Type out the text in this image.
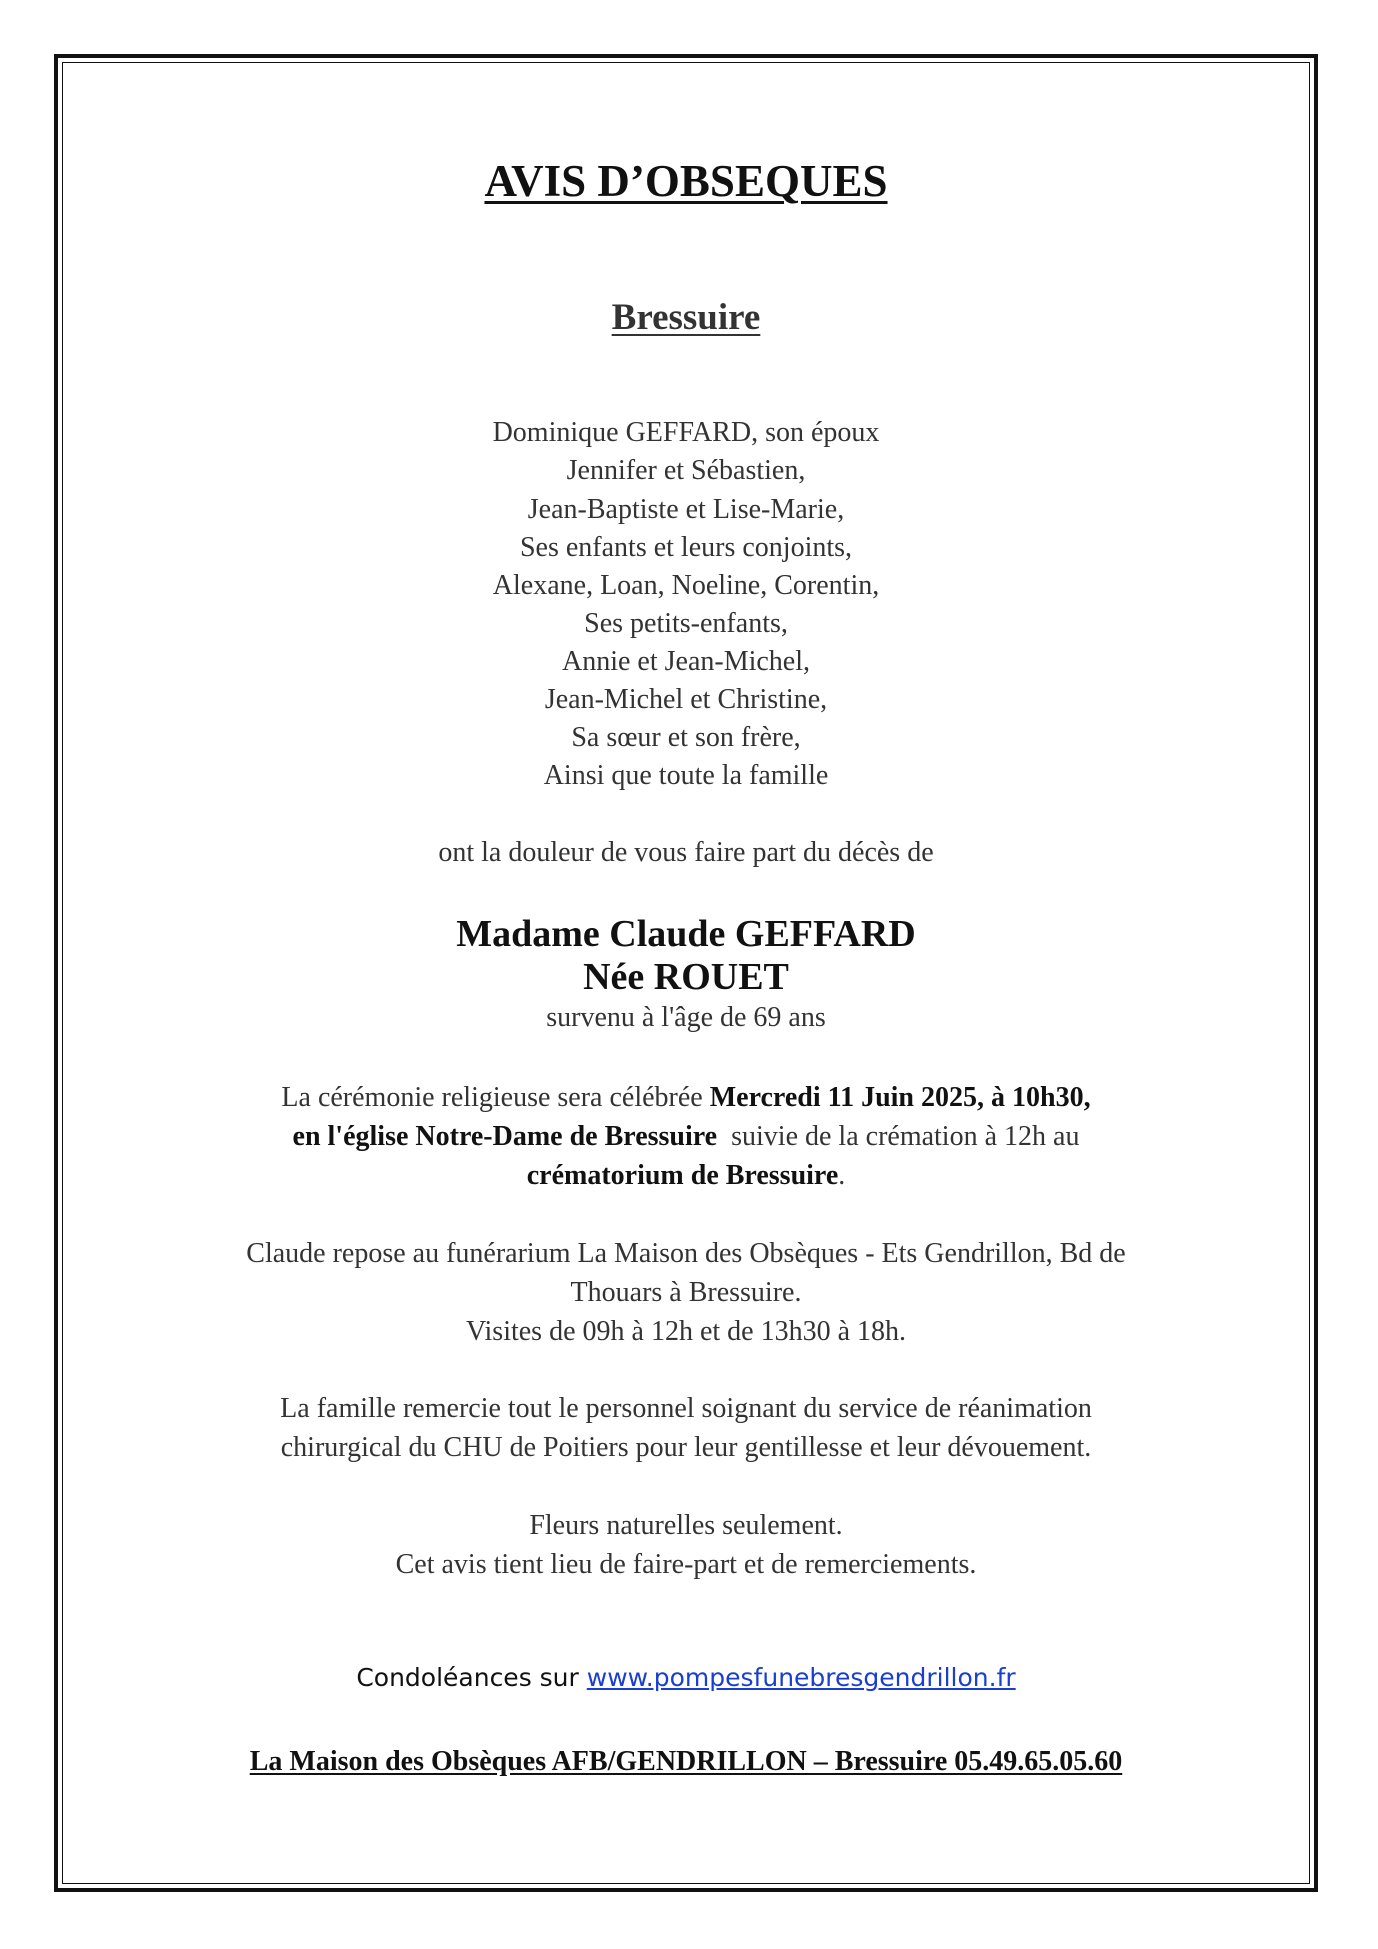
AVIS D’OBSEQUES
Bressuire
Dominique GEFFARD, son époux
Jennifer et Sébastien,
Jean-Baptiste et Lise-Marie,
Ses enfants et leurs conjoints,
Alexane, Loan, Noeline, Corentin,
Ses petits-enfants,
Annie et Jean-Michel,
Jean-Michel et Christine,
Sa sœur et son frère,
Ainsi que toute la famille
ont la douleur de vous faire part du décès de
Madame Claude GEFFARD
Née ROUET
survenu à l'âge de 69 ans
La cérémonie religieuse sera célébrée Mercredi 11 Juin 2025, à 10h30,
en l'église Notre-Dame de Bressuire  suivie de la crémation à 12h au
crématorium de Bressuire.
Claude repose au funérarium La Maison des Obsèques - Ets Gendrillon, Bd de
Thouars à Bressuire.
Visites de 09h à 12h et de 13h30 à 18h.
La famille remercie tout le personnel soignant du service de réanimation
chirurgical du CHU de Poitiers pour leur gentillesse et leur dévouement.
Fleurs naturelles seulement.
Cet avis tient lieu de faire-part et de remerciements.
Condoléances sur www.pompesfunebresgendrillon.fr
La Maison des Obsèques AFB/GENDRILLON – Bressuire 05.49.65.05.60
